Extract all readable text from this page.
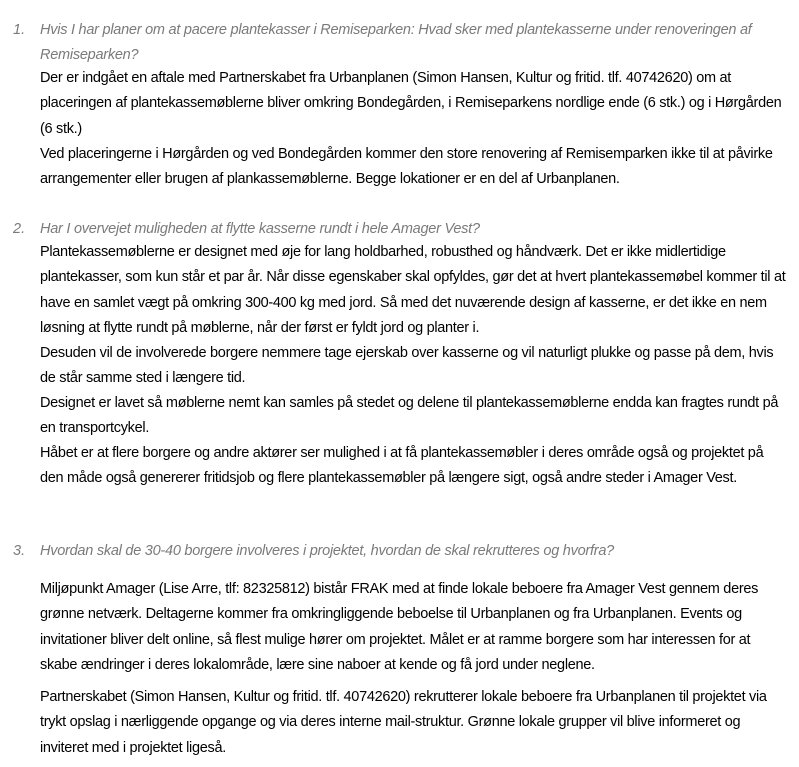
1. Hvis I har planer om at pacere plantekasser i Remiseparken: Hvad sker med plantekasserne under renoveringen af Remiseparken?
Der er indgået en aftale med Partnerskabet fra Urbanplanen (Simon Hansen, Kultur og fritid. tlf. 40742620) om at placeringen af plantekassemøblerne bliver omkring Bondegården, i Remiseparkens nordlige ende (6 stk.) og i Hørgården (6 stk.)
Ved placeringerne i Hørgården og ved Bondegården kommer den store renovering af Remisemparken ikke til at påvirke arrangementer eller brugen af plankassemøblerne. Begge lokationer er en del af Urbanplanen.
2. Har I overvejet muligheden at flytte kasserne rundt i hele Amager Vest?
Plantekassemøblerne er designet med øje for lang holdbarhed, robusthed og håndværk. Det er ikke midlertidige plantekasser, som kun står et par år. Når disse egenskaber skal opfyldes, gør det at hvert plantekassemøbel kommer til at have en samlet vægt på omkring 300-400 kg med jord. Så med det nuværende design af kasserne, er det ikke en nem løsning at flytte rundt på møblerne, når der først er fyldt jord og planter i.
Desuden vil de involverede borgere nemmere tage ejerskab over kasserne og vil naturligt plukke og passe på dem, hvis de står samme sted i længere tid.
Designet er lavet så møblerne nemt kan samles på stedet og delene til plantekassemøblerne endda kan fragtes rundt på en transportcykel.
Håbet er at flere borgere og andre aktører ser mulighed i at få plantekassemøbler i deres område også og projektet på den måde også genererer fritidsjob og flere plantekassemøbler på længere sigt, også andre steder i Amager Vest.
3. Hvordan skal de 30-40 borgere involveres i projektet, hvordan de skal rekrutteres og hvorfra?
Miljøpunkt Amager (Lise Arre, tlf: 82325812) bistår FRAK med at finde lokale beboere fra Amager Vest gennem deres grønne netværk. Deltagerne kommer fra omkringliggende beboelse til Urbanplanen og fra Urbanplanen. Events og invitationer bliver delt online, så flest mulige hører om projektet. Målet er at ramme borgere som har interessen for at skabe ændringer i deres lokalområde, lære sine naboer at kende og få jord under neglene.
Partnerskabet (Simon Hansen, Kultur og fritid. tlf. 40742620) rekrutterer lokale beboere fra Urbanplanen til projektet via trykt opslag i nærliggende opgange og via deres interne mail-struktur. Grønne lokale grupper vil blive informeret og inviteret med i projektet ligeså.
